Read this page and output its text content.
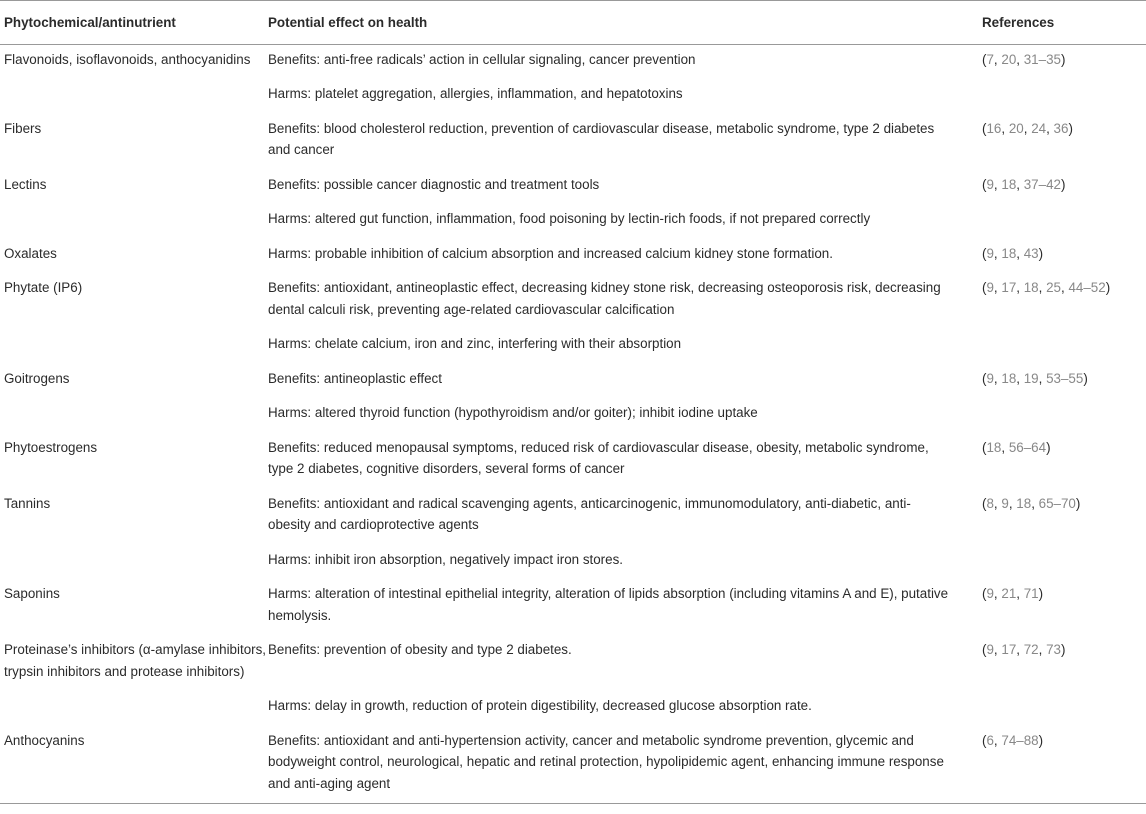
Phytochemical/antinutrient	Potential effect on health	References
Flavonoids, isoflavonoids, anthocyanidins	Benefits: anti-free radicals’ action in cellular signaling, cancer prevention	(7, 20, 31–35)
	Harms: platelet aggregation, allergies, inflammation, and hepatotoxins	
Fibers	Benefits: blood cholesterol reduction, prevention of cardiovascular disease, metabolic syndrome, type 2 diabetes and cancer	(16, 20, 24, 36)
Lectins	Benefits: possible cancer diagnostic and treatment tools	(9, 18, 37–42)
	Harms: altered gut function, inflammation, food poisoning by lectin-rich foods, if not prepared correctly	
Oxalates	Harms: probable inhibition of calcium absorption and increased calcium kidney stone formation.	(9, 18, 43)
Phytate (IP6)	Benefits: antioxidant, antineoplastic effect, decreasing kidney stone risk, decreasing osteoporosis risk, decreasing dental calculi risk, preventing age-related cardiovascular calcification	(9, 17, 18, 25, 44–52)
	Harms: chelate calcium, iron and zinc, interfering with their absorption	
Goitrogens	Benefits: antineoplastic effect	(9, 18, 19, 53–55)
	Harms: altered thyroid function (hypothyroidism and/or goiter); inhibit iodine uptake	
Phytoestrogens	Benefits: reduced menopausal symptoms, reduced risk of cardiovascular disease, obesity, metabolic syndrome, type 2 diabetes, cognitive disorders, several forms of cancer	(18, 56–64)
Tannins	Benefits: antioxidant and radical scavenging agents, anticarcinogenic, immunomodulatory, anti-diabetic, anti-obesity and cardioprotective agents	(8, 9, 18, 65–70)
	Harms: inhibit iron absorption, negatively impact iron stores.	
Saponins	Harms: alteration of intestinal epithelial integrity, alteration of lipids absorption (including vitamins A and E), putative hemolysis.	(9, 21, 71)
Proteinase’s inhibitors (α-amylase inhibitors, trypsin inhibitors and protease inhibitors)	Benefits: prevention of obesity and type 2 diabetes.	(9, 17, 72, 73)
	Harms: delay in growth, reduction of protein digestibility, decreased glucose absorption rate.	
Anthocyanins	Benefits: antioxidant and anti-hypertension activity, cancer and metabolic syndrome prevention, glycemic and bodyweight control, neurological, hepatic and retinal protection, hypolipidemic agent, enhancing immune response and anti-aging agent	(6, 74–88)
